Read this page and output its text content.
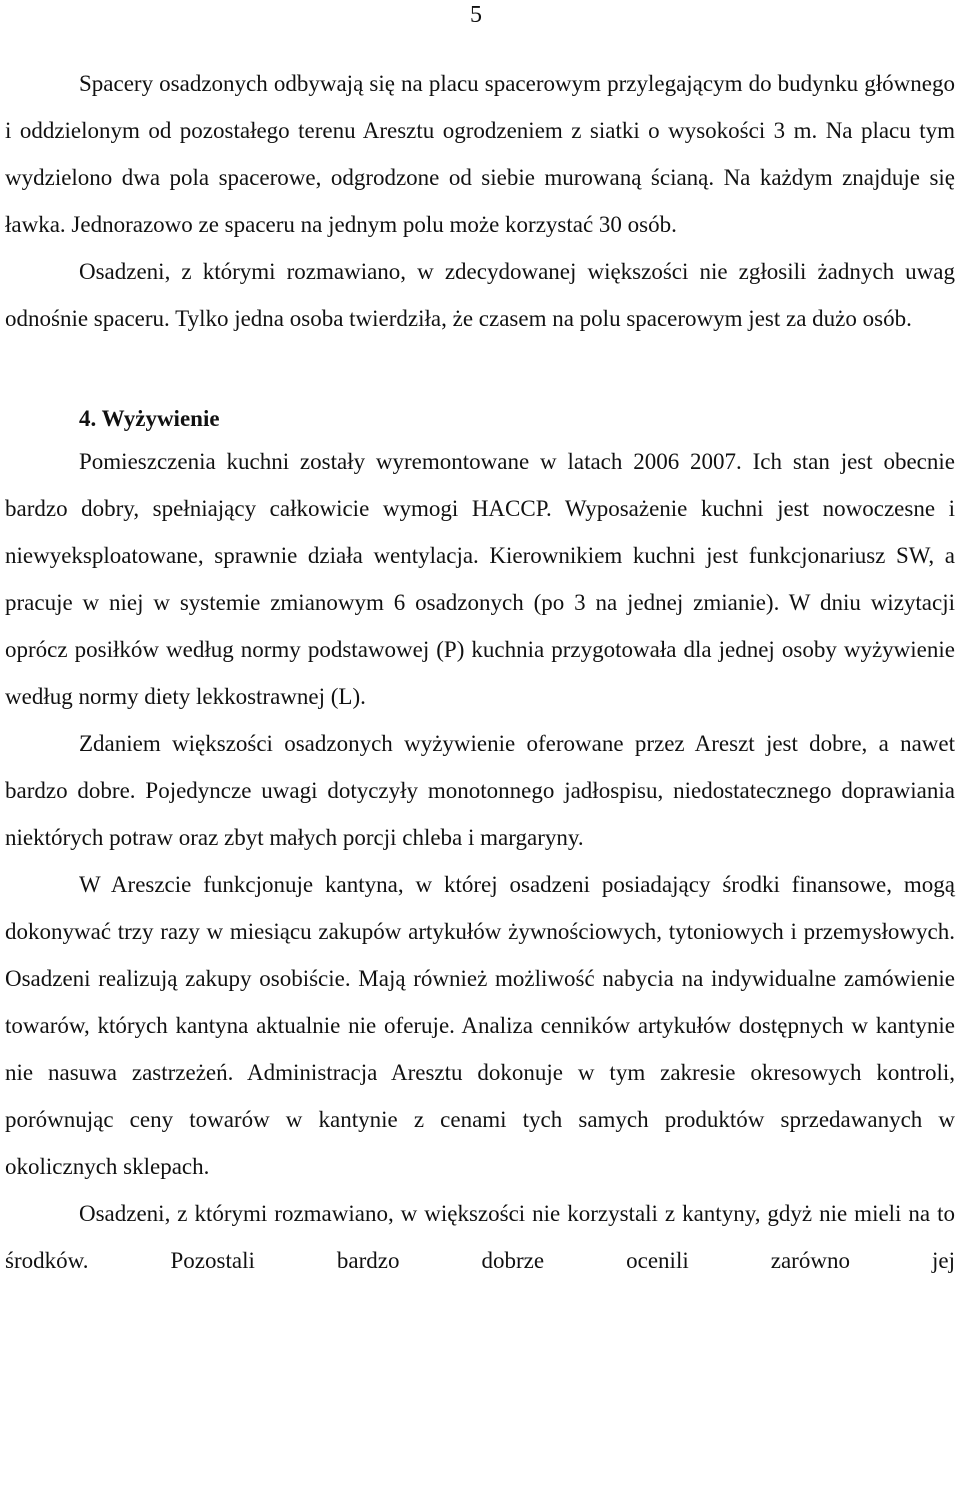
5

Spacery osadzonych odbywają się na placu spacerowym przylegającym do budynku głównego i oddzielonym od pozostałego terenu Aresztu ogrodzeniem z siatki o wysokości 3 m. Na placu tym wydzielono dwa pola spacerowe, odgrodzone od siebie murowaną ścianą. Na każdym znajduje się ławka. Jednorazowo ze spaceru na jednym polu może korzystać 30 osób.

Osadzeni, z którymi rozmawiano, w zdecydowanej większości nie zgłosili żadnych uwag odnośnie spaceru. Tylko jedna osoba twierdziła, że czasem na polu spacerowym jest za dużo osób.

4. Wyżywienie

Pomieszczenia kuchni zostały wyremontowane w latach 2006 2007. Ich stan jest obecnie bardzo dobry, spełniający całkowicie wymogi HACCP. Wyposażenie kuchni jest nowoczesne i niewyeksploatowane, sprawnie działa wentylacja. Kierownikiem kuchni jest funkcjonariusz SW, a pracuje w niej w systemie zmianowym 6 osadzonych (po 3 na jednej zmianie). W dniu wizytacji oprócz posiłków według normy podstawowej (P) kuchnia przygotowała dla jednej osoby wyżywienie według normy diety lekkostrawnej (L).

Zdaniem większości osadzonych wyżywienie oferowane przez Areszt jest dobre, a nawet bardzo dobre. Pojedyncze uwagi dotyczyły monotonnego jadłospisu, niedostatecznego doprawiania niektórych potraw oraz zbyt małych porcji chleba i margaryny.

W Areszcie funkcjonuje kantyna, w której osadzeni posiadający środki finansowe, mogą dokonywać trzy razy w miesiącu zakupów artykułów żywnościowych, tytoniowych i przemysłowych. Osadzeni realizują zakupy osobiście. Mają również możliwość nabycia na indywidualne zamówienie towarów, których kantyna aktualnie nie oferuje. Analiza cenników artykułów dostępnych w kantynie nie nasuwa zastrzeżeń. Administracja Aresztu dokonuje w tym zakresie okresowych kontroli, porównując ceny towarów w kantynie z cenami tych samych produktów sprzedawanych w okolicznych sklepach.

Osadzeni, z którymi rozmawiano, w większości nie korzystali z kantyny, gdyż nie mieli na to środków. Pozostali bardzo dobrze ocenili zarówno jej
